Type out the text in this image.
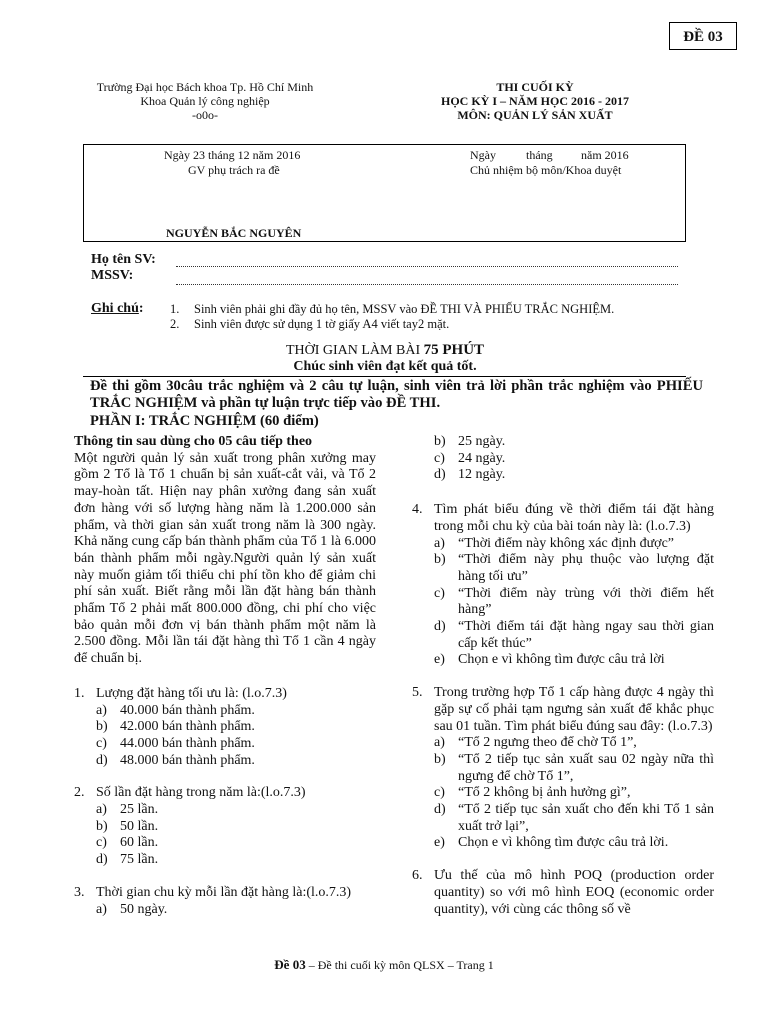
ĐỀ 03
Trường Đại học Bách khoa Tp. Hồ Chí Minh
Khoa Quản lý công nghiệp
-o0o-
THI CUỐI KỲ
HỌC KỲ I – NĂM HỌC 2016 - 2017
MÔN: QUẢN LÝ SẢN XUẤT
Ngày 23 tháng 12 năm 2016
GV phụ trách ra đề
NGUYỄN BẮC NGUYÊN
Ngày	tháng năm 2016
Chủ nhiệm bộ môn/Khoa duyệt
Họ tên SV:
MSSV:
Ghi chú: 1.	Sinh viên phải ghi đầy đủ họ tên, MSSV vào ĐỀ THI VÀ PHIẾU TRẮC NGHIỆM.
2.	Sinh viên được sử dụng 1 tờ giấy A4 viết tay2 mặt.
THỜI GIAN LÀM BÀI 75 PHÚT
Chúc sinh viên đạt kết quả tốt.
Đề thi gồm 30câu trắc nghiệm và 2 câu tự luận, sinh viên trả lời phần trắc nghiệm vào PHIẾU TRẮC NGHIỆM và phần tự luận trực tiếp vào ĐỀ THI.
PHẦN I: TRẮC NGHIỆM (60 điểm)

Thông tin sau dùng cho 05 câu tiếp theo

Một người quản lý sản xuất trong phân xưởng may gồm 2 Tổ là Tổ 1 chuẩn bị sản xuất-cắt vải, và Tổ 2 may-hoàn tất. Hiện nay phân xưởng đang sản xuất đơn hàng với số lượng hàng năm là 1.200.000 sản phẩm, và thời gian sản xuất trong năm là 300 ngày. Khả năng cung cấp bán thành phẩm của Tổ 1 là 6.000 bán thành phẩm mỗi ngày.Người quản lý sản xuất này muốn giảm tối thiểu chi phí tồn kho để giảm chi phí sản xuất. Biết rằng mỗi lần đặt hàng bán thành phẩm Tổ 2 phải mất 800.000 đồng, chi phí cho việc bảo quản mỗi đơn vị bán thành phẩm một năm là 2.500 đồng. Mỗi lần tái đặt hàng thì Tổ 1 cần 4 ngày để chuẩn bị.

1. Lượng đặt hàng tối ưu là: (l.o.7.3)
a) 40.000 bán thành phẩm.
b) 42.000 bán thành phẩm.
c) 44.000 bán thành phẩm.
d) 48.000 bán thành phẩm.
2. Số lần đặt hàng trong năm là:(l.o.7.3)
a) 25 lần.
b) 50 lần.
c) 60 lần.
d) 75 lần.
3. Thời gian chu kỳ mỗi lần đặt hàng là:(l.o.7.3)
a) 50 ngày.
b) 25 ngày.
c) 24 ngày.
d) 12 ngày.
4. Tìm phát biểu đúng về thời điểm tái đặt hàng trong mỗi chu kỳ của bài toán này là: (l.o.7.3)
a) “Thời điểm này không xác định được”
b) “Thời điểm này phụ thuộc vào lượng đặt hàng tối ưu”
c) “Thời điểm này trùng với thời điểm hết hàng”
d) “Thời điểm tái đặt hàng ngay sau thời gian cấp kết thúc”
e) Chọn e vì không tìm được câu trả lời
5. Trong trường hợp Tổ 1 cấp hàng được 4 ngày thì gặp sự cố phải tạm ngưng sản xuất để khắc phục sau 01 tuần. Tìm phát biểu đúng sau đây: (l.o.7.3)
a) “Tổ 2 ngưng theo để chờ Tổ 1”,
b) “Tổ 2 tiếp tục sản xuất sau 02 ngày nữa thì ngưng để chờ Tổ 1”,
c) “Tổ 2 không bị ảnh hưởng gì”,
d) “Tổ 2 tiếp tục sản xuất cho đến khi Tổ 1 sản xuất trở lại”,
e) Chọn e vì không tìm được câu trả lời.
6. Ưu thế của mô hình POQ (production order quantity) so với mô hình EOQ (economic order quantity), với cùng các thông số về
Đề 03 – Đề thi cuối kỳ môn QLSX – Trang 1
